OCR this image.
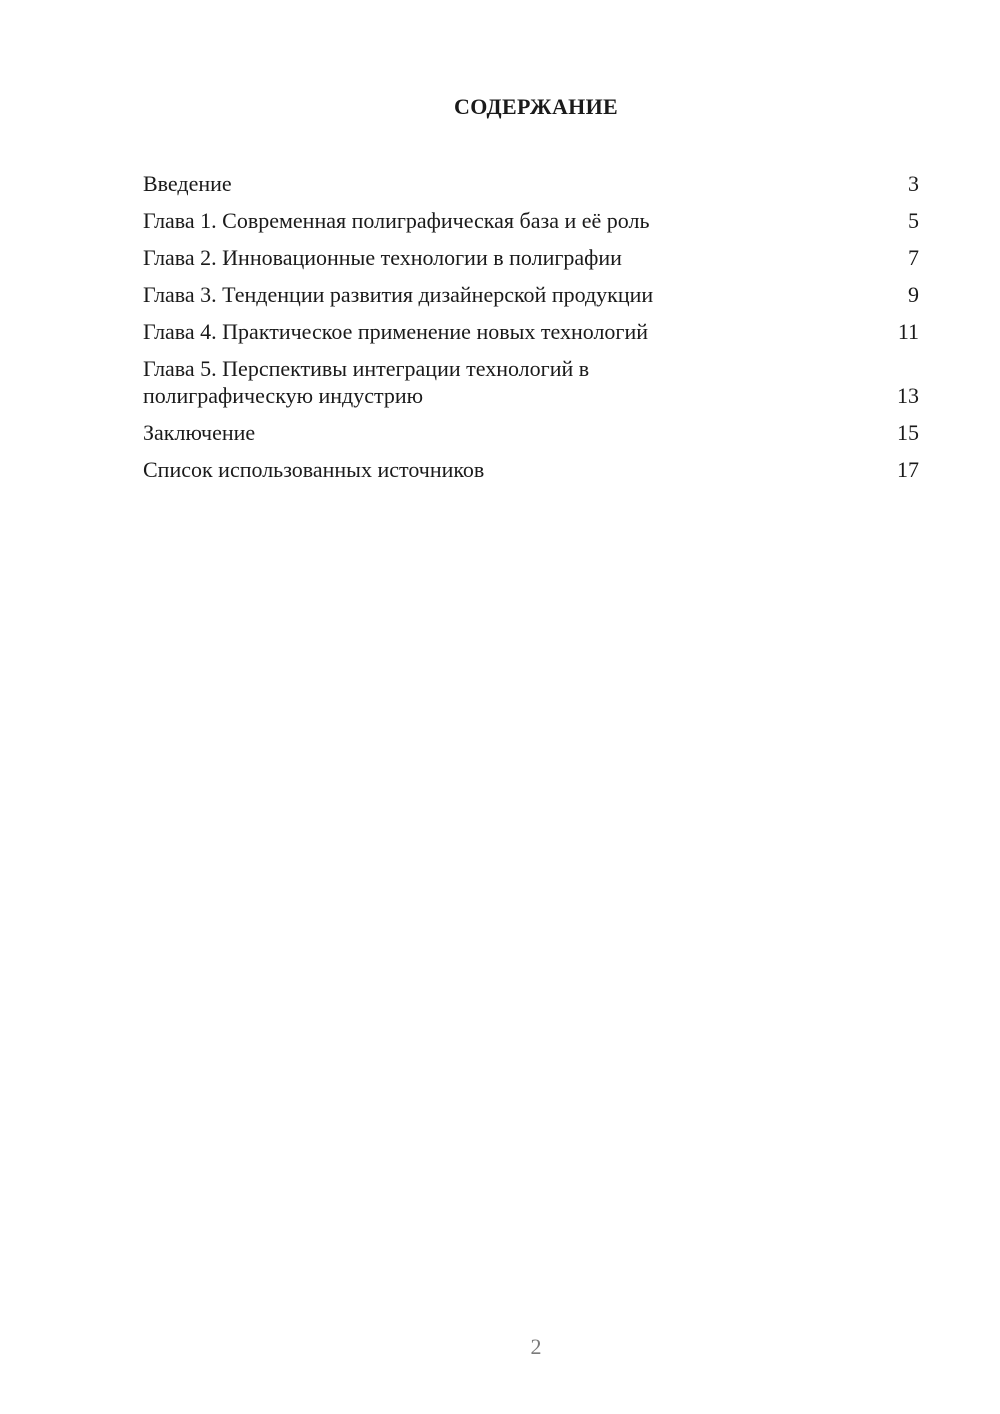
СОДЕРЖАНИЕ
Введение	3
Глава 1. Современная полиграфическая база и её роль	5
Глава 2. Инновационные технологии в полиграфии	7
Глава 3. Тенденции развития дизайнерской продукции	9
Глава 4. Практическое применение новых технологий	11
Глава 5. Перспективы интеграции технологий в полиграфическую индустрию	13
Заключение	15
Список использованных источников	17
2
